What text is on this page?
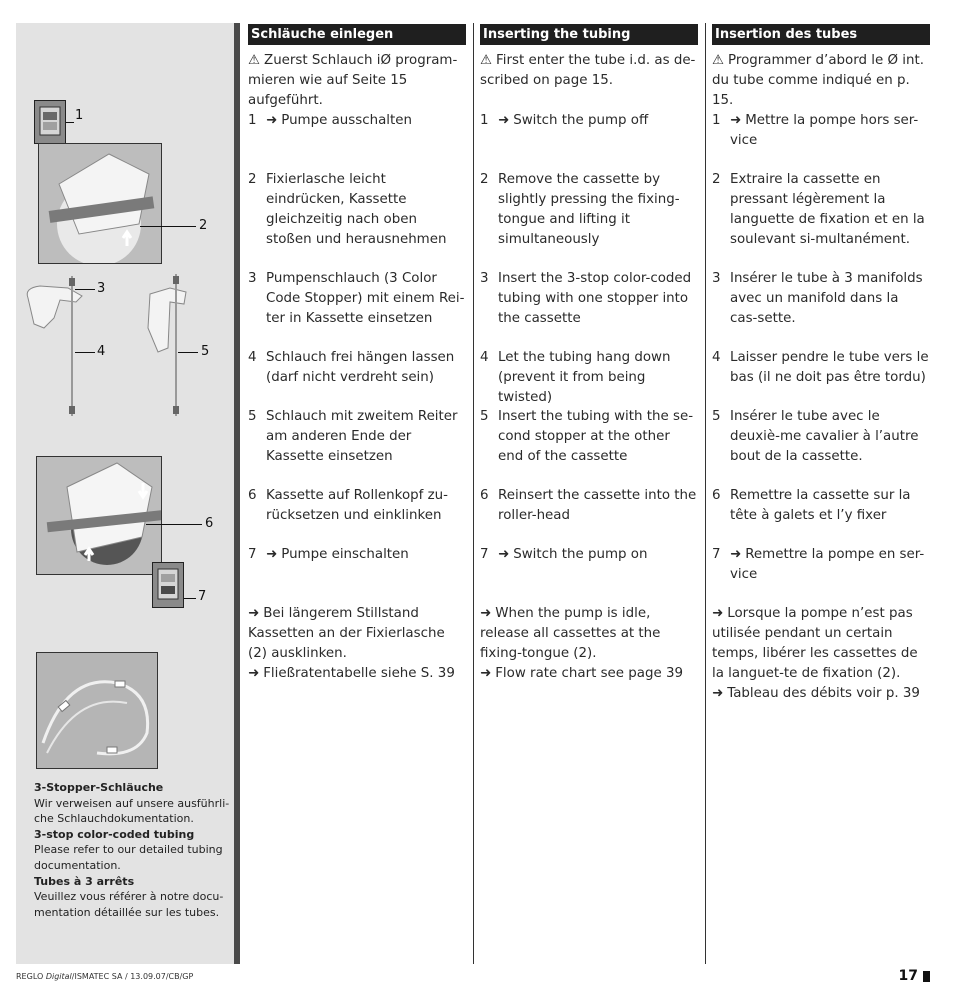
1
2
3
4	5
6
7
3-Stopper-Schläuche
Wir verweisen auf unsere ausführli-che Schlauchdokumentation.
3-stop color-coded tubing
Please refer to our detailed tubing documentation.
Tubes à 3 arrêts
Veuillez vous référer à notre docu-mentation détaillée sur les tubes.
Schläuche einlegen
⚠ Zuerst Schlauch iØ program-mieren wie auf Seite 15 aufgeführt.
1 ➜ Pumpe ausschalten
2 Fixierlasche leicht eindrücken, Kassette gleichzeitig nach oben stoßen und herausnehmen
3 Pumpenschlauch (3 Color Code Stopper) mit einem Rei-ter in Kassette einsetzen
4 Schlauch frei hängen lassen (darf nicht verdreht sein)
5 Schlauch mit zweitem Reiter am anderen Ende der Kassette einsetzen
6 Kassette auf Rollenkopf zu-rücksetzen und einklinken
7 ➜ Pumpe einschalten
➜ Bei längerem Stillstand Kassetten an der Fixierlasche (2) ausklinken.
➜ Fließratentabelle siehe S. 39
Inserting the tubing
⚠ First enter the tube i.d. as de-scribed on page 15.
1 ➜ Switch the pump off
2 Remove the cassette by slightly pressing the fixing-tongue and lifting it simultaneously
3 Insert the 3-stop color-coded tubing with one stopper into the cassette
4 Let the tubing hang down (prevent it from being twisted)
5 Insert the tubing with the se-cond stopper at the other end of the cassette
6 Reinsert the cassette into the roller-head
7 ➜ Switch the pump on
➜ When the pump is idle, release all cassettes at the fixing-tongue (2).
➜ Flow rate chart see page 39
Insertion des tubes
⚠ Programmer d’abord le Ø int. du tube comme indiqué en p. 15.
1 ➜ Mettre la pompe hors ser-vice
2 Extraire la cassette en pressant légèrement la languette de fixation et en la soulevant si-multanément.
3 Insérer le tube à 3 manifolds avec un manifold dans la cas-sette.
4 Laisser pendre le tube vers le bas (il ne doit pas être tordu)
5 Insérer le tube avec le deuxiè-me cavalier à l’autre bout de la cassette.
6 Remettre la cassette sur la tête à galets et l’y fixer
7 ➜ Remettre la pompe en ser-vice
➜ Lorsque la pompe n’est pas utilisée pendant un certain temps, libérer les cassettes de la languet-te de fixation (2).
➜ Tableau des débits voir p. 39
REGLO Digital/ISMATEC SA / 13.09.07/CB/GP	17
